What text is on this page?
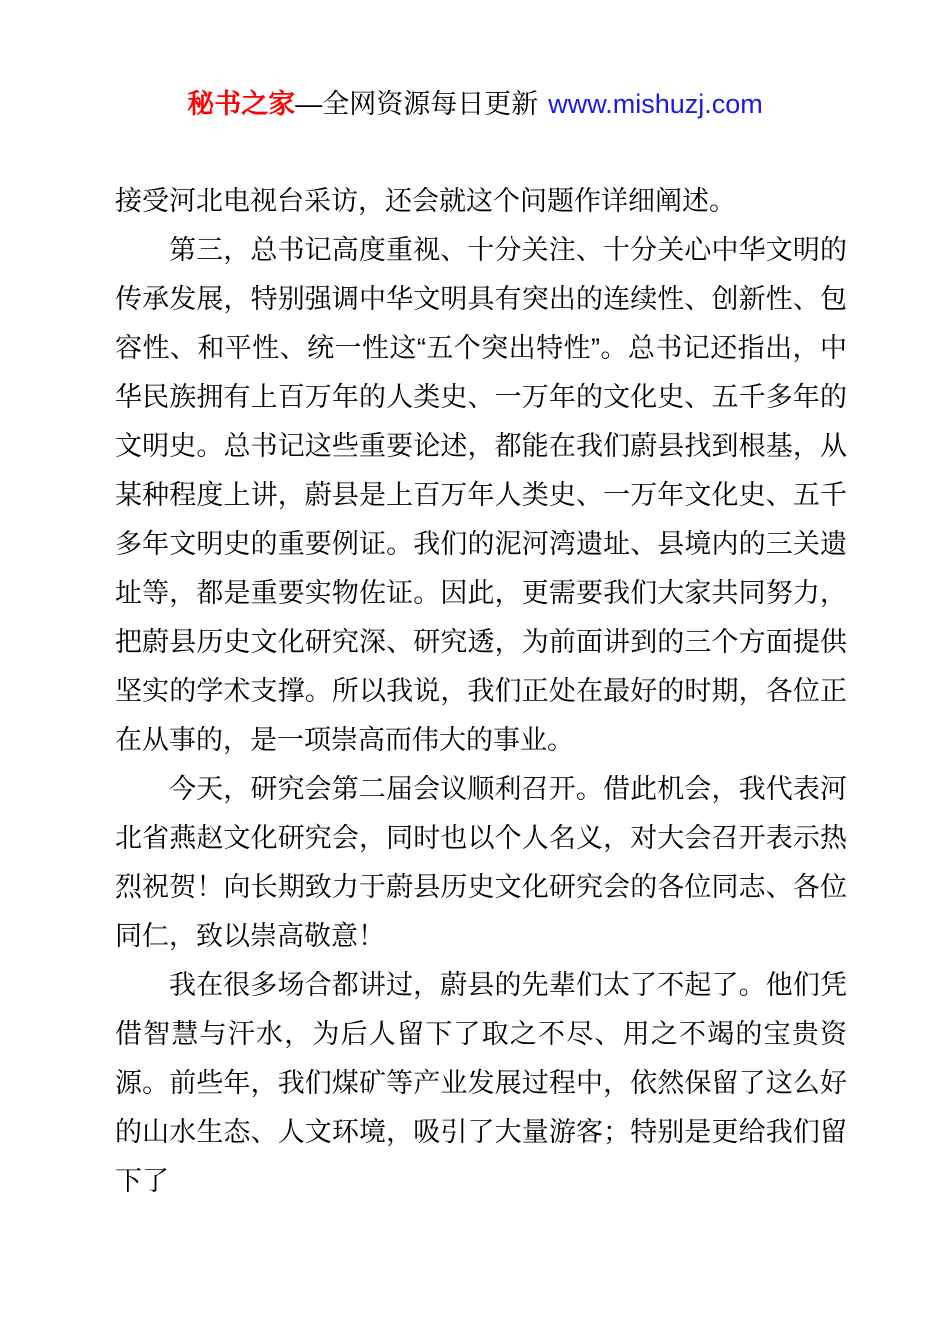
秘书之家—全网资源每日更新 www.mishuzj.com

接受河北电视台采访，还会就这个问题作详细阐述。

第三，总书记高度重视、十分关注、十分关心中华文明的传承发展，特别强调中华文明具有突出的连续性、创新性、包容性、和平性、统一性这“五个突出特性”。总书记还指出，中华民族拥有上百万年的人类史、一万年的文化史、五千多年的文明史。总书记这些重要论述，都能在我们蔚县找到根基，从某种程度上讲，蔚县是上百万年人类史、一万年文化史、五千多年文明史的重要例证。我们的泥河湾遗址、县境内的三关遗址等，都是重要实物佐证。因此，更需要我们大家共同努力，把蔚县历史文化研究深、研究透，为前面讲到的三个方面提供坚实的学术支撑。所以我说，我们正处在最好的时期，各位正在从事的，是一项崇高而伟大的事业。

今天，研究会第二届会议顺利召开。借此机会，我代表河北省燕赵文化研究会，同时也以个人名义，对大会召开表示热烈祝贺！向长期致力于蔚县历史文化研究会的各位同志、各位同仁，致以崇高敬意！

我在很多场合都讲过，蔚县的先辈们太了不起了。他们凭借智慧与汗水，为后人留下了取之不尽、用之不竭的宝贵资源。前些年，我们煤矿等产业发展过程中，依然保留了这么好的山水生态、人文环境，吸引了大量游客；特别是更给我们留下了
